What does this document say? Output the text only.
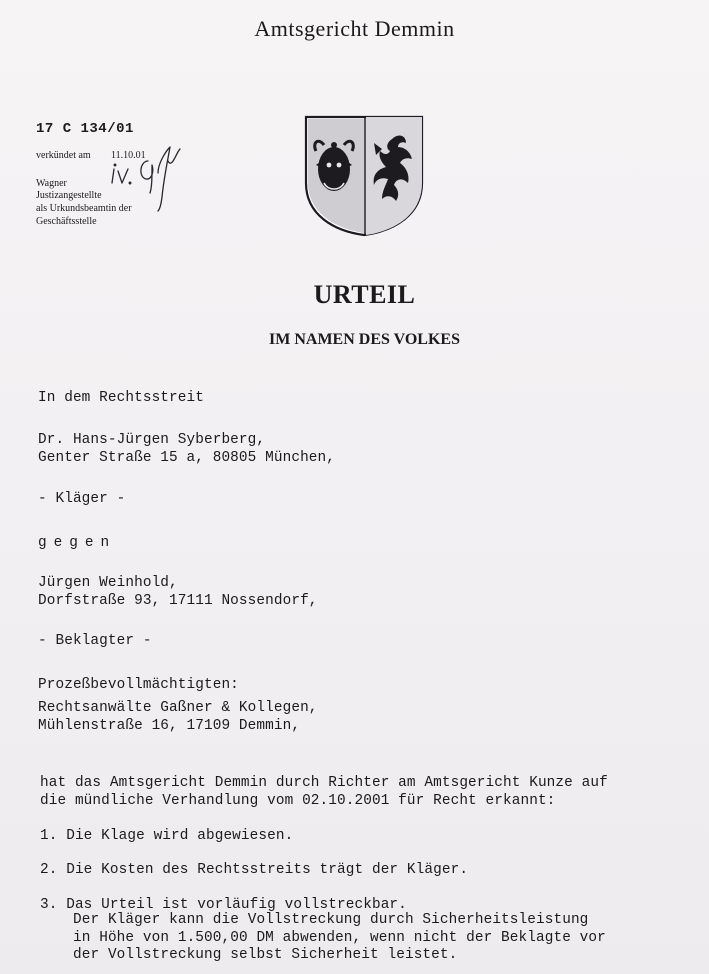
Amtsgericht Demmin
17 C 134/01
verkündet am 11.10.01
Wagner
Justizangestellte
als Urkundsbeamtin der
Geschäftsstelle
URTEIL
IM NAMEN DES VOLKES
In dem Rechtsstreit
Dr. Hans-Jürgen Syberberg,
Genter Straße 15 a, 80805 München,
- Kläger -
gegen
Jürgen Weinhold,
Dorfstraße 93, 17111 Nossendorf,
- Beklagter -
Prozeßbevollmächtigten:
Rechtsanwälte Gaßner & Kollegen,
Mühlenstraße 16, 17109 Demmin,
hat das Amtsgericht Demmin durch Richter am Amtsgericht Kunze auf
die mündliche Verhandlung vom 02.10.2001 für Recht erkannt:
1. Die Klage wird abgewiesen.
2. Die Kosten des Rechtsstreits trägt der Kläger.
3. Das Urteil ist vorläufig vollstreckbar.
Der Kläger kann die Vollstreckung durch Sicherheitsleistung
in Höhe von 1.500,00 DM abwenden, wenn nicht der Beklagte vor
der Vollstreckung selbst Sicherheit leistet.
